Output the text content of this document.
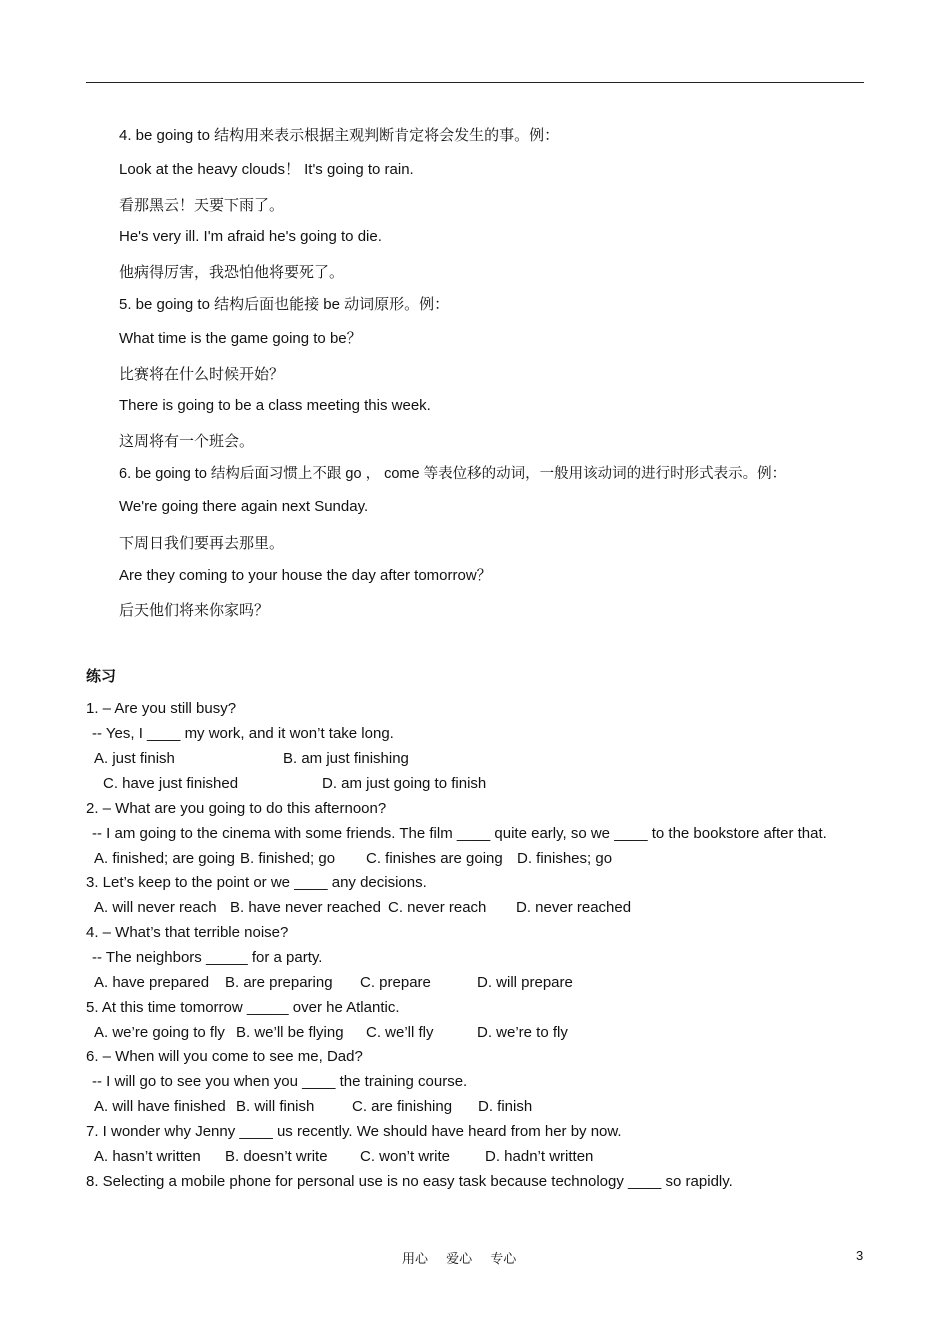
4. be going to 结构用来表示根据主观判断肯定将会发生的事。例：
Look at the heavy clouds！ It's going to rain.
看那黑云！天要下雨了。
He's very ill. I'm afraid he's going to die.
他病得厉害，我恐怕他将要死了。
5. be going to 结构后面也能接 be 动词原形。例：
What time is the game going to be？
比赛将在什么时候开始？
There is going to be a class meeting this week.
这周将有一个班会。
6. be going to 结构后面习惯上不跟 go ， come 等表位移的动词，一般用该动词的进行时形式表示。例：
We're going there again next Sunday.
下周日我们要再去那里。
Are they coming to your house the day after tomorrow？
后天他们将来你家吗？
练习
1. – Are you still busy?
-- Yes, I ____ my work, and it won’t take long.
A. just finish	B. am just finishing
C. have just finished	D. am just going to finish
2. – What are you going to do this afternoon?
-- I am going to the cinema with some friends. The film ____ quite early, so we ____ to the bookstore after that.
A. finished; are going B. finished; go C. finishes are going D. finishes; go
3. Let’s keep to the point or we ____ any decisions.
A. will never reach B. have never reached C. never reach D. never reached
4. – What’s that terrible noise?
-- The neighbors _____ for a party.
A. have prepared B. are preparing C. prepare	D. will prepare
5. At this time tomorrow _____ over he Atlantic.
A. we’re going to fly B. we’ll be flying C. we’ll fly	D. we’re to fly
6. – When will you come to see me, Dad?
-- I will go to see you when you ____ the training course.
A. will have finished B. will finish	C. are finishing D. finish
7. I wonder why Jenny ____ us recently. We should have heard from her by now.
A. hasn’t written B. doesn’t write C. won’t write D. hadn’t written
8. Selecting a mobile phone for personal use is no easy task because technology ____ so rapidly.
用心 爱心 专心	3
